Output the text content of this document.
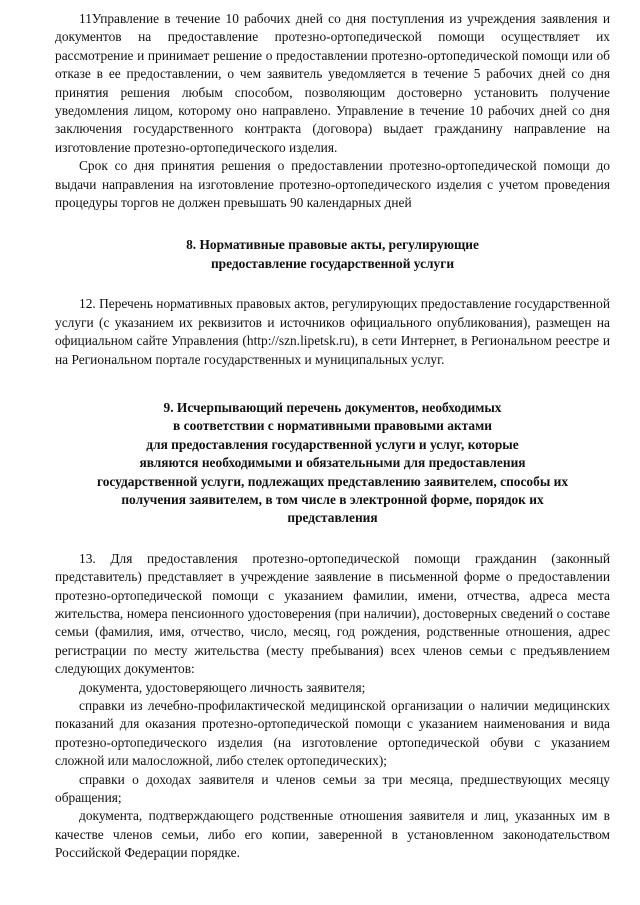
11Управление в течение 10 рабочих дней со дня поступления из учреждения заявления и документов на предоставление протезно-ортопедической помощи осуществляет их рассмотрение и принимает решение о предоставлении протезно-ортопедической помощи или об отказе в ее предоставлении, о чем заявитель уведомляется в течение 5 рабочих дней со дня принятия решения любым способом, позволяющим достоверно установить получение уведомления лицом, которому оно направлено. Управление в течение 10 рабочих дней со дня заключения государственного контракта (договора) выдает гражданину направление на изготовление протезно-ортопедического изделия.

Срок со дня принятия решения о предоставлении протезно-ортопедической помощи до выдачи направления на изготовление протезно-ортопедического изделия с учетом проведения процедуры торгов не должен превышать 90 календарных дней

8. Нормативные правовые акты, регулирующие
предоставление государственной услуги

12. Перечень нормативных правовых актов, регулирующих предоставление государственной услуги (с указанием их реквизитов и источников официального опубликования), размещен на официальном сайте Управления (http://szn.lipetsk.ru), в сети Интернет, в Региональном реестре и на Региональном портале государственных и муниципальных услуг.

9. Исчерпывающий перечень документов, необходимых
в соответствии с нормативными правовыми актами
для предоставления государственной услуги и услуг, которые
являются необходимыми и обязательными для предоставления
государственной услуги, подлежащих представлению заявителем, способы их
получения заявителем, в том числе в электронной форме, порядок их
представления

13. Для предоставления протезно-ортопедической помощи гражданин (законный представитель) представляет в учреждение заявление в письменной форме о предоставлении протезно-ортопедической помощи с указанием фамилии, имени, отчества, адреса места жительства, номера пенсионного удостоверения (при наличии), достоверных сведений о составе семьи (фамилия, имя, отчество, число, месяц, год рождения, родственные отношения, адрес регистрации по месту жительства (месту пребывания) всех членов семьи с предъявлением следующих документов:

документа, удостоверяющего личность заявителя;

справки из лечебно-профилактической медицинской организации о наличии медицинских показаний для оказания протезно-ортопедической помощи с указанием наименования и вида протезно-ортопедического изделия (на изготовление ортопедической обуви с указанием сложной или малосложной, либо стелек ортопедических);

справки о доходах заявителя и членов семьи за три месяца, предшествующих месяцу обращения;

документа, подтверждающего родственные отношения заявителя и лиц, указанных им в качестве членов семьи, либо его копии, заверенной в установленном законодательством Российской Федерации порядке.
